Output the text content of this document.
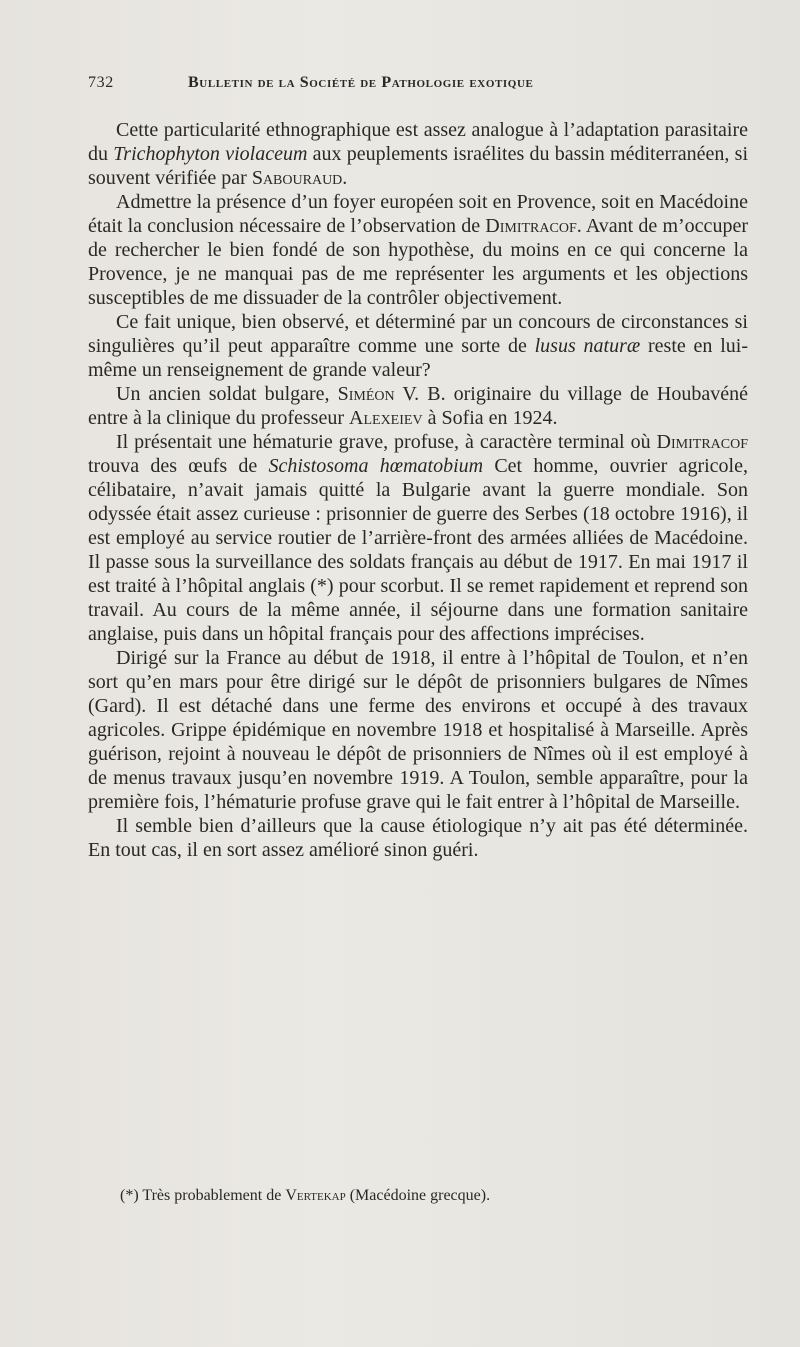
732	Bulletin de la Société de Pathologie exotique

Cette particularité ethnographique est assez analogue à l’adaptation parasitaire du Trichophyton violaceum aux peuplements israélites du bassin méditerranéen, si souvent vérifiée par Sabouraud.

Admettre la présence d’un foyer européen soit en Provence, soit en Macédoine était la conclusion nécessaire de l’observation de Dimitracof. Avant de m’occuper de rechercher le bien fondé de son hypothèse, du moins en ce qui concerne la Provence, je ne manquai pas de me représenter les arguments et les objections susceptibles de me dissuader de la contrôler objectivement.

Ce fait unique, bien observé, et déterminé par un concours de circonstances si singulières qu’il peut apparaître comme une sorte de lusus naturæ reste en lui-même un renseignement de grande valeur?

Un ancien soldat bulgare, Siméon V. B. originaire du village de Houbavéné entre à la clinique du professeur Alexeiev à Sofia en 1924.

Il présentait une hématurie grave, profuse, à caractère terminal où Dimitracof trouva des œufs de Schistosoma hœmatobium Cet homme, ouvrier agricole, célibataire, n’avait jamais quitté la Bulgarie avant la guerre mondiale. Son odyssée était assez curieuse : prisonnier de guerre des Serbes (18 octobre 1916), il est employé au service routier de l’arrière-front des armées alliées de Macédoine. Il passe sous la surveillance des soldats français au début de 1917. En mai 1917 il est traité à l’hôpital anglais (*) pour scorbut. Il se remet rapidement et reprend son travail. Au cours de la même année, il séjourne dans une formation sanitaire anglaise, puis dans un hôpital français pour des affections imprécises.

Dirigé sur la France au début de 1918, il entre à l’hôpital de Toulon, et n’en sort qu’en mars pour être dirigé sur le dépôt de prisonniers bulgares de Nîmes (Gard). Il est détaché dans une ferme des environs et occupé à des travaux agricoles. Grippe épidémique en novembre 1918 et hospitalisé à Marseille. Après guérison, rejoint à nouveau le dépôt de prisonniers de Nîmes où il est employé à de menus travaux jusqu’en novembre 1919. A Toulon, semble apparaître, pour la première fois, l’hématurie profuse grave qui le fait entrer à l’hôpital de Marseille.

Il semble bien d’ailleurs que la cause étiologique n’y ait pas été déterminée. En tout cas, il en sort assez amélioré sinon guéri.

(*) Très probablement de Vertekap (Macédoine grecque).
